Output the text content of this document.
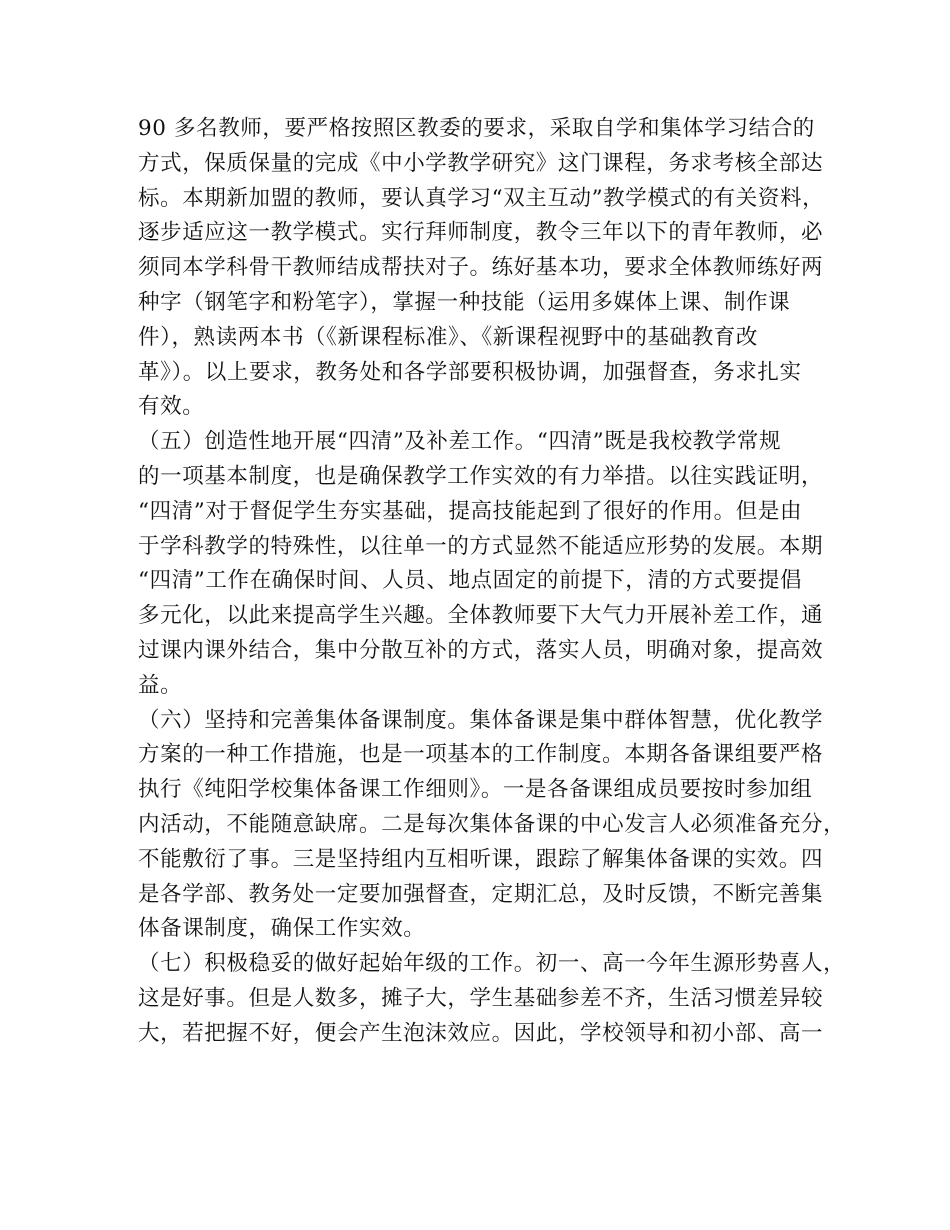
90 多名教师，要严格按照区教委的要求，采取自学和集体学习结合的
方式，保质保量的完成《中小学教学研究》这门课程，务求考核全部达
标。本期新加盟的教师，要认真学习“双主互动”教学模式的有关资料，
逐步适应这一教学模式。实行拜师制度，教令三年以下的青年教师，必
须同本学科骨干教师结成帮扶对子。练好基本功，要求全体教师练好两
种字（钢笔字和粉笔字），掌握一种技能（运用多媒体上课、制作课
件），熟读两本书（《新课程标准》、《新课程视野中的基础教育改
革》）。以上要求，教务处和各学部要积极协调，加强督查，务求扎实
有效。
（五）创造性地开展“四清”及补差工作。“四清”既是我校教学常规
的一项基本制度，也是确保教学工作实效的有力举措。以往实践证明，
“四清”对于督促学生夯实基础，提高技能起到了很好的作用。但是由
于学科教学的特殊性，以往单一的方式显然不能适应形势的发展。本期
“四清”工作在确保时间、人员、地点固定的前提下，清的方式要提倡
多元化，以此来提高学生兴趣。全体教师要下大气力开展补差工作，通
过课内课外结合，集中分散互补的方式，落实人员，明确对象，提高效
益。
（六）坚持和完善集体备课制度。集体备课是集中群体智慧，优化教学
方案的一种工作措施，也是一项基本的工作制度。本期各备课组要严格
执行《纯阳学校集体备课工作细则》。一是各备课组成员要按时参加组
内活动，不能随意缺席。二是每次集体备课的中心发言人必须准备充分，
不能敷衍了事。三是坚持组内互相听课，跟踪了解集体备课的实效。四
是各学部、教务处一定要加强督查，定期汇总，及时反馈，不断完善集
体备课制度，确保工作实效。
（七）积极稳妥的做好起始年级的工作。初一、高一今年生源形势喜人，
这是好事。但是人数多，摊子大，学生基础参差不齐，生活习惯差异较
大，若把握不好，便会产生泡沫效应。因此，学校领导和初小部、高一
